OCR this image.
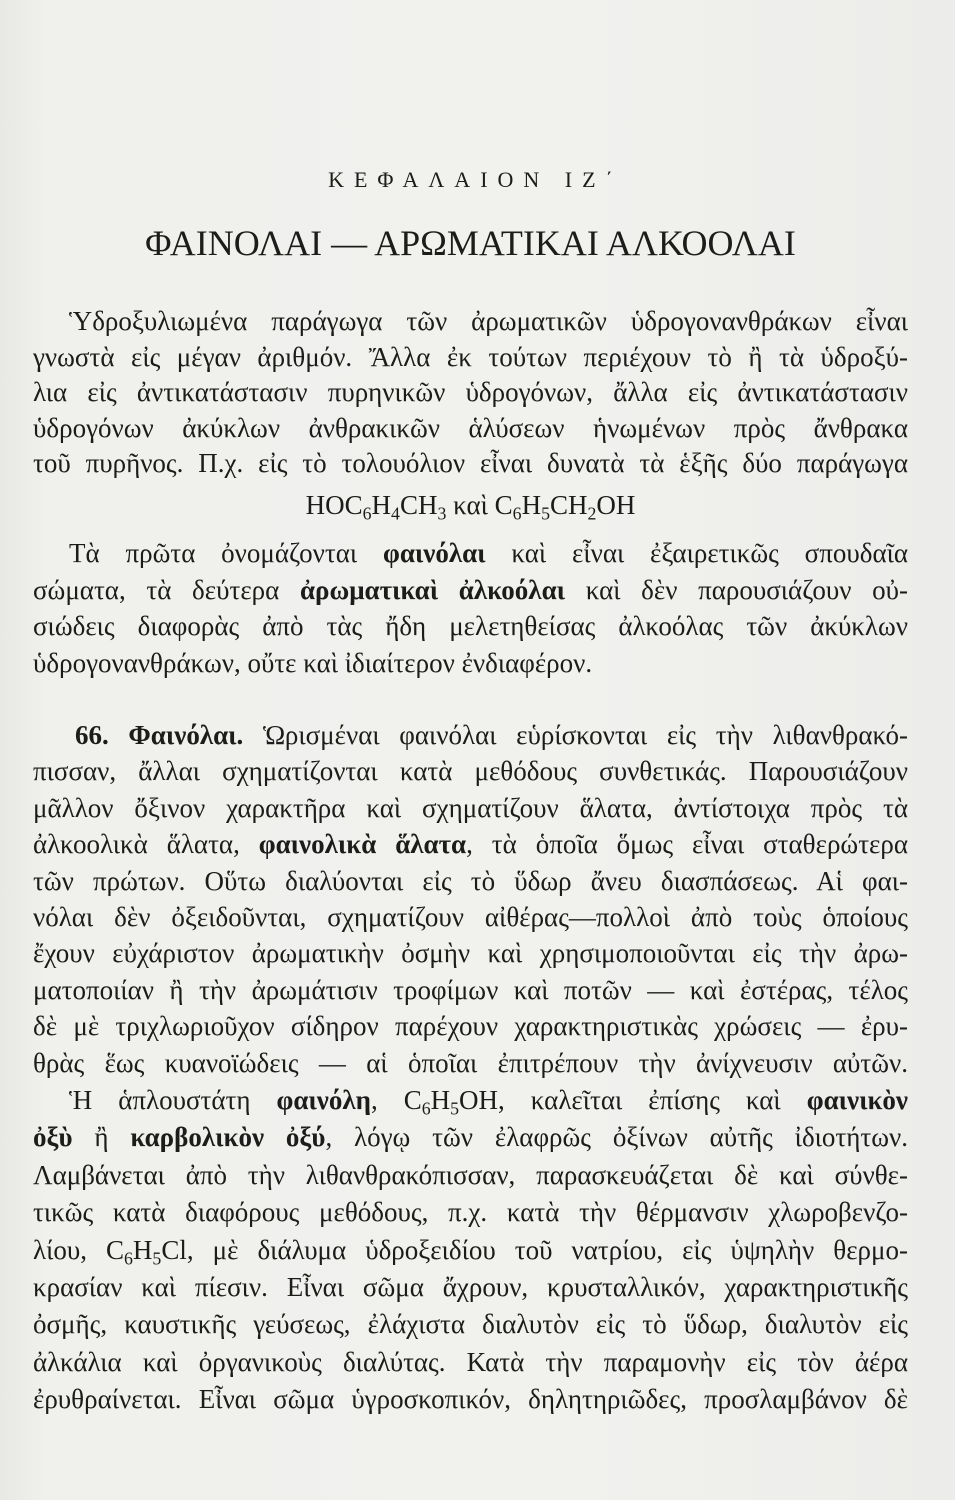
ΚΕΦΑΛΑΙΟΝ ΙΖ΄
ΦΑΙΝΟΛΑΙ — ΑΡΩΜΑΤΙΚΑΙ ΑΛΚΟΟΛΑΙ
Ὑδροξυλιωμένα παράγωγα τῶν ἀρωματικῶν ὑδρογονανθράκων εἶναι
γνωστὰ εἰς μέγαν ἀριθμόν. Ἄλλα ἐκ τούτων περιέχουν τὸ ἢ τὰ ὑδροξύ-
λια εἰς ἀντικατάστασιν πυρηνικῶν ὑδρογόνων, ἄλλα εἰς ἀντικατάστασιν
ὑδρογόνων ἀκύκλων ἀνθρακικῶν ἁλύσεων ἡνωμένων πρὸς ἄνθρακα
τοῦ πυρῆνος. Π.χ. εἰς τὸ τολουόλιον εἶναι δυνατὰ τὰ ἑξῆς δύο παράγωγα
$HOC_6H_4CH_3$ καὶ $C_6H_5CH_2OH$
Τὰ πρῶτα ὀνομάζονται φαινόλαι καὶ εἶναι ἐξαιρετικῶς σπουδαῖα
σώματα, τὰ δεύτερα ἀρωματικαὶ ἀλκοόλαι καὶ δὲν παρουσιάζουν οὐ-
σιώδεις διαφορὰς ἀπὸ τὰς ἤδη μελετηθείσας ἀλκοόλας τῶν ἀκύκλων
ὑδρογονανθράκων, οὔτε καὶ ἰδιαίτερον ἐνδιαφέρον.
66. Φαινόλαι. Ὡρισμέναι φαινόλαι εὑρίσκονται εἰς τὴν λιθανθρακό-
πισσαν, ἄλλαι σχηματίζονται κατὰ μεθόδους συνθετικάς. Παρουσιάζουν
μᾶλλον ὄξινον χαρακτῆρα καὶ σχηματίζουν ἅλατα, ἀντίστοιχα πρὸς τὰ
ἀλκοολικὰ ἅλατα, φαινολικὰ ἅλατα, τὰ ὁποῖα ὅμως εἶναι σταθερώτερα
τῶν πρώτων. Οὕτω διαλύονται εἰς τὸ ὕδωρ ἄνευ διασπάσεως. Αἱ φαι-
νόλαι δὲν ὀξειδοῦνται, σχηματίζουν αἰθέρας—πολλοὶ ἀπὸ τοὺς ὁποίους
ἔχουν εὐχάριστον ἀρωματικὴν ὀσμὴν καὶ χρησιμοποιοῦνται εἰς τὴν ἀρω-
ματοποιίαν ἢ τὴν ἀρωμάτισιν τροφίμων καὶ ποτῶν — καὶ ἐστέρας, τέλος
δὲ μὲ τριχλωριοῦχον σίδηρον παρέχουν χαρακτηριστικὰς χρώσεις — ἐρυ-
θρὰς ἕως κυανοϊώδεις — αἱ ὁποῖαι ἐπιτρέπουν τὴν ἀνίχνευσιν αὐτῶν.
Ἡ ἁπλουστάτη φαινόλη, $C_6H_5OH$, καλεῖται ἐπίσης καὶ φαινικὸν
ὀξὺ ἢ καρβολικὸν ὀξύ, λόγῳ τῶν ἐλαφρῶς ὀξίνων αὐτῆς ἰδιοτήτων.
Λαμβάνεται ἀπὸ τὴν λιθανθρακόπισσαν, παρασκευάζεται δὲ καὶ σύνθε-
τικῶς κατὰ διαφόρους μεθόδους, π.χ. κατὰ τὴν θέρμανσιν χλωροβενζο-
λίου, $C_6H_5Cl$, μὲ διάλυμα ὑδροξειδίου τοῦ νατρίου, εἰς ὑψηλὴν θερμο-
κρασίαν καὶ πίεσιν. Εἶναι σῶμα ἄχρουν, κρυσταλλικόν, χαρακτηριστικῆς
ὀσμῆς, καυστικῆς γεύσεως, ἐλάχιστα διαλυτὸν εἰς τὸ ὕδωρ, διαλυτὸν εἰς
ἀλκάλια καὶ ὀργανικοὺς διαλύτας. Κατὰ τὴν παραμονὴν εἰς τὸν ἀέρα
ἐρυθραίνεται. Εἶναι σῶμα ὑγροσκοπικόν, δηλητηριῶδες, προσλαμβάνον δὲ
